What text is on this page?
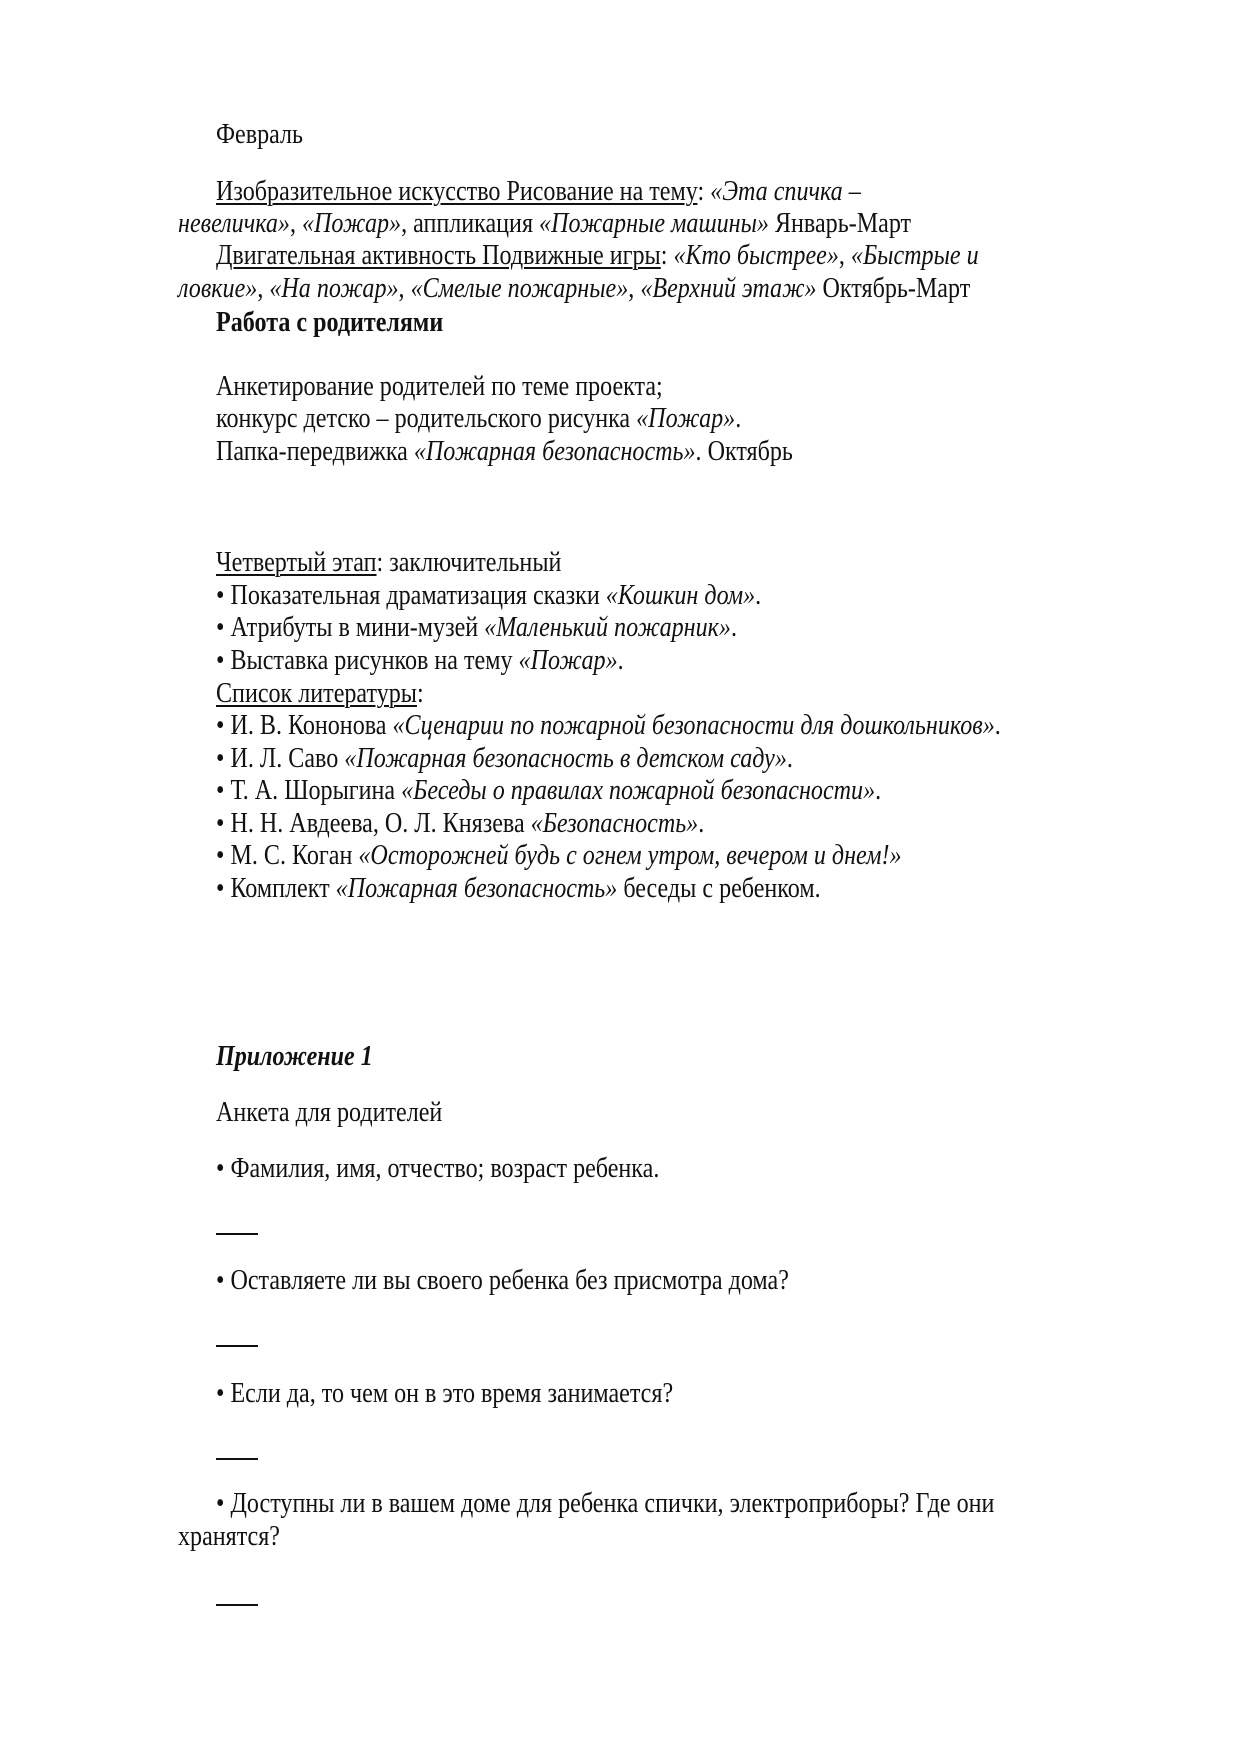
Февраль
Изобразительное искусство Рисование на тему: «Эта спичка –
невеличка», «Пожар», аппликация «Пожарные машины» Январь-Март
Двигательная активность Подвижные игры: «Кто быстрее», «Быстрые и
ловкие», «На пожар», «Смелые пожарные», «Верхний этаж» Октябрь-Март
Работа с родителями
Анкетирование родителей по теме проекта;
конкурс детско – родительского рисунка «Пожар».
Папка-передвижка «Пожарная безопасность». Октябрь
Четвертый этап: заключительный
• Показательная драматизация сказки «Кошкин дом».
• Атрибуты в мини-музей «Маленький пожарник».
• Выставка рисунков на тему «Пожар».
Список литературы:
• И. В. Кононова «Сценарии по пожарной безопасности для дошкольников».
• И. Л. Саво «Пожарная безопасность в детском саду».
• Т. А. Шорыгина «Беседы о правилах пожарной безопасности».
• Н. Н. Авдеева, О. Л. Князева «Безопасность».
• М. С. Коган «Осторожней будь с огнем утром, вечером и днем!»
• Комплект «Пожарная безопасность» беседы с ребенком.
Приложение 1
Анкета для родителей
• Фамилия, имя, отчество; возраст ребенка.
• Оставляете ли вы своего ребенка без присмотра дома?
• Если да, то чем он в это время занимается?
• Доступны ли в вашем доме для ребенка спички, электроприборы? Где они
хранятся?
